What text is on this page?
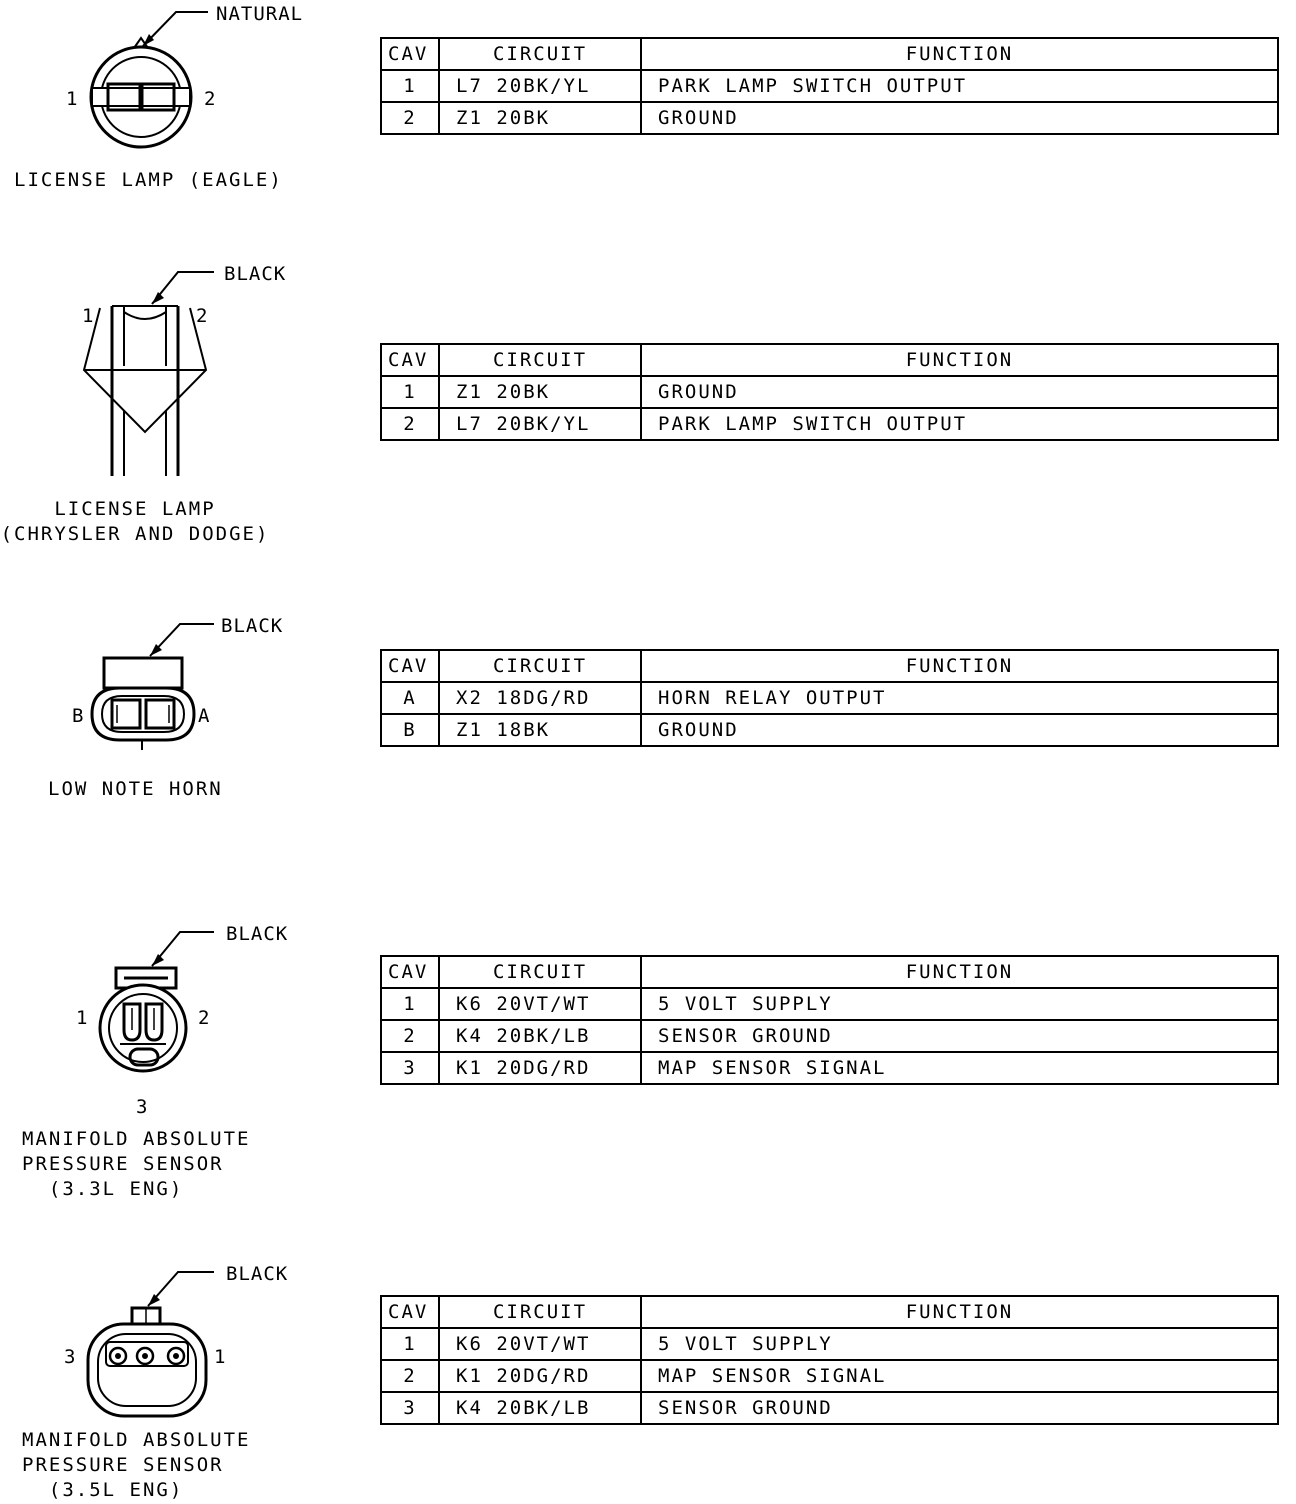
NATURAL
1	2
LICENSE LAMP (EAGLE)
CAV	CIRCUIT	FUNCTION
1	L7 20BK/YL	PARK LAMP SWITCH OUTPUT
2	Z1 20BK	GROUND
BLACK
1	2
LICENSE LAMP
(CHRYSLER AND DODGE)
CAV	CIRCUIT	FUNCTION
1	Z1 20BK	GROUND
2	L7 20BK/YL	PARK LAMP SWITCH OUTPUT
BLACK
B	A
LOW NOTE HORN
CAV	CIRCUIT	FUNCTION
A	X2 18DG/RD	HORN RELAY OUTPUT
B	Z1 18BK	GROUND
BLACK
1	2
3
MANIFOLD ABSOLUTE
PRESSURE SENSOR
(3.3L ENG)
CAV	CIRCUIT	FUNCTION
1	K6 20VT/WT	5 VOLT SUPPLY
2	K4 20BK/LB	SENSOR GROUND
3	K1 20DG/RD	MAP SENSOR SIGNAL
BLACK
3	1
MANIFOLD ABSOLUTE
PRESSURE SENSOR
(3.5L ENG)
CAV	CIRCUIT	FUNCTION
1	K6 20VT/WT	5 VOLT SUPPLY
2	K1 20DG/RD	MAP SENSOR SIGNAL
3	K4 20BK/LB	SENSOR GROUND
